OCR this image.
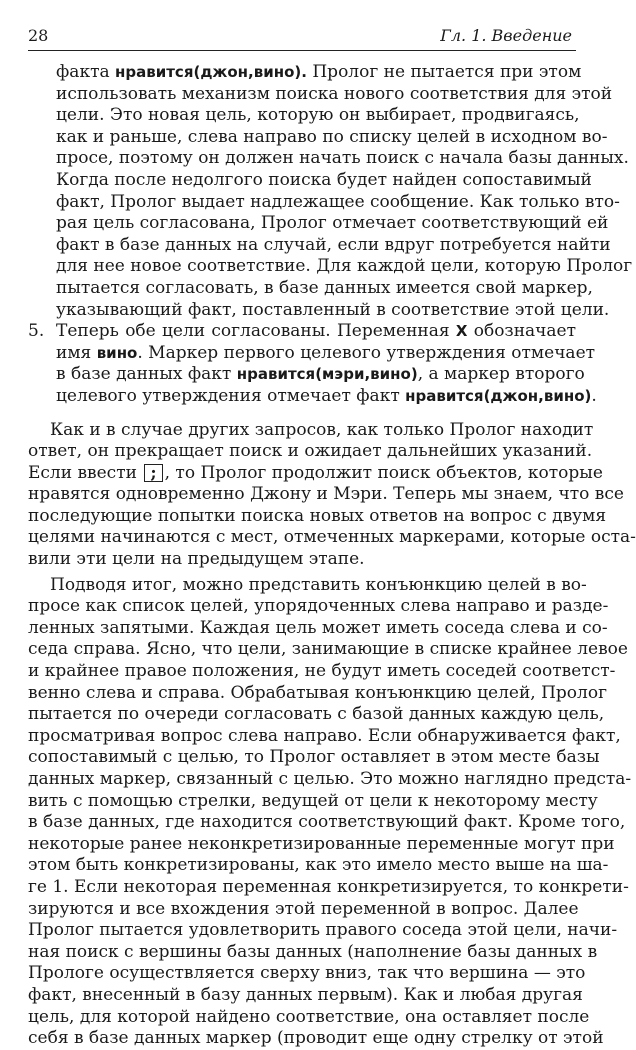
28	Гл. 1. Введение
факта нравится(джон,вино). Пролог не пытается при этом
использовать механизм поиска нового соответствия для этой
цели. Это новая цель, которую он выбирает, продвигаясь,
как и раньше, слева направо по списку целей в исходном во-
просе, поэтому он должен начать поиск с начала базы данных.
Когда после недолгого поиска будет найден сопоставимый
факт, Пролог выдает надлежащее сообщение. Как только вто-
рая цель согласована, Пролог отмечает соответствующий ей
факт в базе данных на случай, если вдруг потребуется найти
для нее новое соответствие. Для каждой цели, которую Пролог
пытается согласовать, в базе данных имеется свой маркер,
указывающий факт, поставленный в соответствие этой цели.
5. Теперь обе цели согласованы. Переменная X обозначает
имя вино. Маркер первого целевого утверждения отмечает
в базе данных факт нравится(мэри,вино), а маркер второго
целевого утверждения отмечает факт нравится(джон,вино).
Как и в случае других запросов, как только Пролог находит
ответ, он прекращает поиск и ожидает дальнейших указаний.
Если ввести ; , то Пролог продолжит поиск объектов, которые
нравятся одновременно Джону и Мэри. Теперь мы знаем, что все
последующие попытки поиска новых ответов на вопрос с двумя
целями начинаются с мест, отмеченных маркерами, которые оста-
вили эти цели на предыдущем этапе.
Подводя итог, можно представить конъюнкцию целей в во-
просе как список целей, упорядоченных слева направо и разде-
ленных запятыми. Каждая цель может иметь соседа слева и со-
седа справа. Ясно, что цели, занимающие в списке крайнее левое
и крайнее правое положения, не будут иметь соседей соответст-
венно слева и справа. Обрабатывая конъюнкцию целей, Пролог
пытается по очереди согласовать с базой данных каждую цель,
просматривая вопрос слева направо. Если обнаруживается факт,
сопоставимый с целью, то Пролог оставляет в этом месте базы
данных маркер, связанный с целью. Это можно наглядно предста-
вить с помощью стрелки, ведущей от цели к некоторому месту
в базе данных, где находится соответствующий факт. Кроме того,
некоторые ранее неконкретизированные переменные могут при
этом быть конкретизированы, как это имело место выше на ша-
ге 1. Если некоторая переменная конкретизируется, то конкрети-
зируются и все вхождения этой переменной в вопрос. Далее
Пролог пытается удовлетворить правого соседа этой цели, начи-
ная поиск с вершины базы данных (наполнение базы данных в
Прологе осуществляется сверху вниз, так что вершина — это
факт, внесенный в базу данных первым). Как и любая другая
цель, для которой найдено соответствие, она оставляет после
себя в базе данных маркер (проводит еще одну стрелку от этой
